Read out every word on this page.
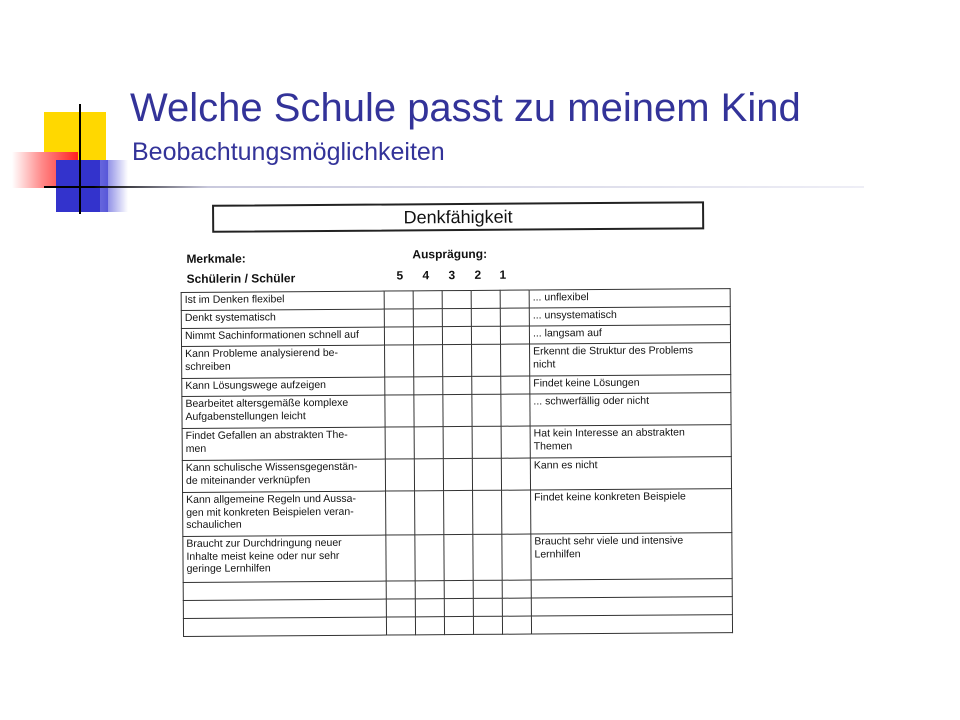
Welche Schule passt zu meinem Kind
Beobachtungsmöglichkeiten
Denkfähigkeit
Merkmale:
Schülerin / Schüler
Ausprägung:
5 4 3 2 1
Ist im Denken flexibel						... unflexibel
Denkt systematisch						... unsystematisch
Nimmt Sachinformationen schnell auf						... langsam auf
Kann Probleme analysierend be-
schreiben						Erkennt die Struktur des Problems
nicht
Kann Lösungswege aufzeigen						Findet keine Lösungen
Bearbeitet altersgemäße komplexe
Aufgabenstellungen leicht						... schwerfällig oder nicht
Findet Gefallen an abstrakten The-
men						Hat kein Interesse an abstrakten
Themen
Kann schulische Wissensgegenstän-
de miteinander verknüpfen						Kann es nicht
Kann allgemeine Regeln und Aussa-
gen mit konkreten Beispielen veran-
schaulichen						Findet keine konkreten Beispiele
Braucht zur Durchdringung neuer
Inhalte meist keine oder nur sehr
geringe Lernhilfen						Braucht sehr viele und intensive
Lernhilfen
